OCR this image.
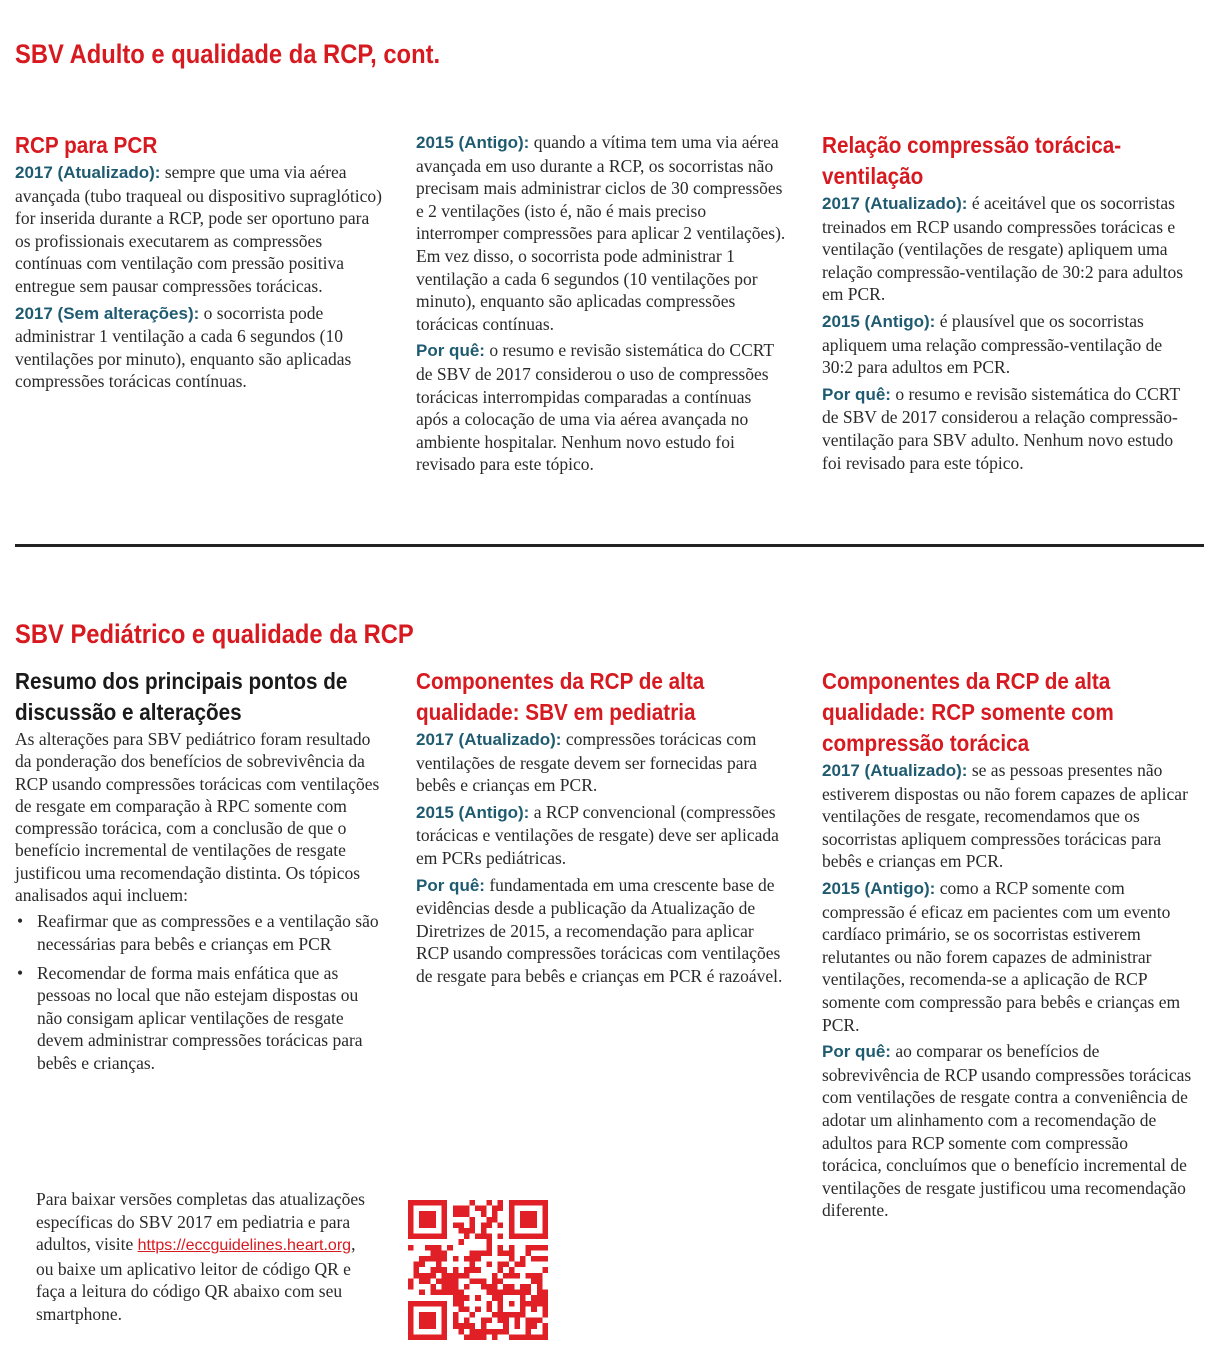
SBV Adulto e qualidade da RCP, cont.
RCP para PCR

2017 (Atualizado): sempre que uma via aérea avançada (tubo traqueal ou dispositivo supraglótico) for inserida durante a RCP, pode ser oportuno para os profissionais executarem as compressões contínuas com ventilação com pressão positiva entregue sem pausar compressões torácicas.

2017 (Sem alterações): o socorrista pode administrar 1 ventilação a cada 6 segundos (10 ventilações por minuto), enquanto são aplicadas compressões torácicas contínuas.

2015 (Antigo): quando a vítima tem uma via aérea avançada em uso durante a RCP, os socorristas não precisam mais administrar ciclos de 30 compressões e 2 ventilações (isto é, não é mais preciso interromper compressões para aplicar 2 ventilações). Em vez disso, o socorrista pode administrar 1 ventilação a cada 6 segundos (10 ventilações por minuto), enquanto são aplicadas compressões torácicas contínuas.

Por quê: o resumo e revisão sistemática do CCRT de SBV de 2017 considerou o uso de compressões torácicas interrompidas comparadas a contínuas após a colocação de uma via aérea avançada no ambiente hospitalar. Nenhum novo estudo foi revisado para este tópico.

Relação compressão torácica-
ventilação

2017 (Atualizado): é aceitável que os socorristas treinados em RCP usando compressões torácicas e ventilação (ventilações de resgate) apliquem uma relação compressão-ventilação de 30:2 para adultos em PCR.

2015 (Antigo): é plausível que os socorristas apliquem uma relação compressão-ventilação de 30:2 para adultos em PCR.

Por quê: o resumo e revisão sistemática do CCRT de SBV de 2017 considerou a relação compressão-ventilação para SBV adulto. Nenhum novo estudo foi revisado para este tópico.

SBV Pediátrico e qualidade da RCP
Resumo dos principais pontos de
discussão e alterações

As alterações para SBV pediátrico foram resultado da ponderação dos benefícios de sobrevivência da RCP usando compressões torácicas com ventilações de resgate em comparação à RPC somente com compressão torácica, com a conclusão de que o benefício incremental de ventilações de resgate justificou uma recomendação distinta. Os tópicos analisados aqui incluem:

• Reafirmar que as compressões e a ventilação são necessárias para bebês e crianças em PCR
• Recomendar de forma mais enfática que as pessoas no local que não estejam dispostas ou não consigam aplicar ventilações de resgate devem administrar compressões torácicas para bebês e crianças.
Componentes da RCP de alta
qualidade: SBV em pediatria

2017 (Atualizado): compressões torácicas com ventilações de resgate devem ser fornecidas para bebês e crianças em PCR.

2015 (Antigo): a RCP convencional (compressões torácicas e ventilações de resgate) deve ser aplicada em PCRs pediátricas.

Por quê: fundamentada em uma crescente base de evidências desde a publicação da Atualização de Diretrizes de 2015, a recomendação para aplicar RCP usando compressões torácicas com ventilações de resgate para bebês e crianças em PCR é razoável.

Componentes da RCP de alta
qualidade: RCP somente com
compressão torácica

2017 (Atualizado): se as pessoas presentes não estiverem dispostas ou não forem capazes de aplicar ventilações de resgate, recomendamos que os socorristas apliquem compressões torácicas para bebês e crianças em PCR.

2015 (Antigo): como a RCP somente com compressão é eficaz em pacientes com um evento cardíaco primário, se os socorristas estiverem relutantes ou não forem capazes de administrar ventilações, recomenda-se a aplicação de RCP somente com compressão para bebês e crianças em PCR.

Por quê: ao comparar os benefícios de sobrevivência de RCP usando compressões torácicas com ventilações de resgate contra a conveniência de adotar um alinhamento com a recomendação de adultos para RCP somente com compressão torácica, concluímos que o benefício incremental de ventilações de resgate justificou uma recomendação diferente.

Para baixar versões completas das atualizações específicas do SBV 2017 em pediatria e para adultos, visite https://eccguidelines.heart.org, ou baixe um aplicativo leitor de código QR e faça a leitura do código QR abaixo com seu smartphone.
